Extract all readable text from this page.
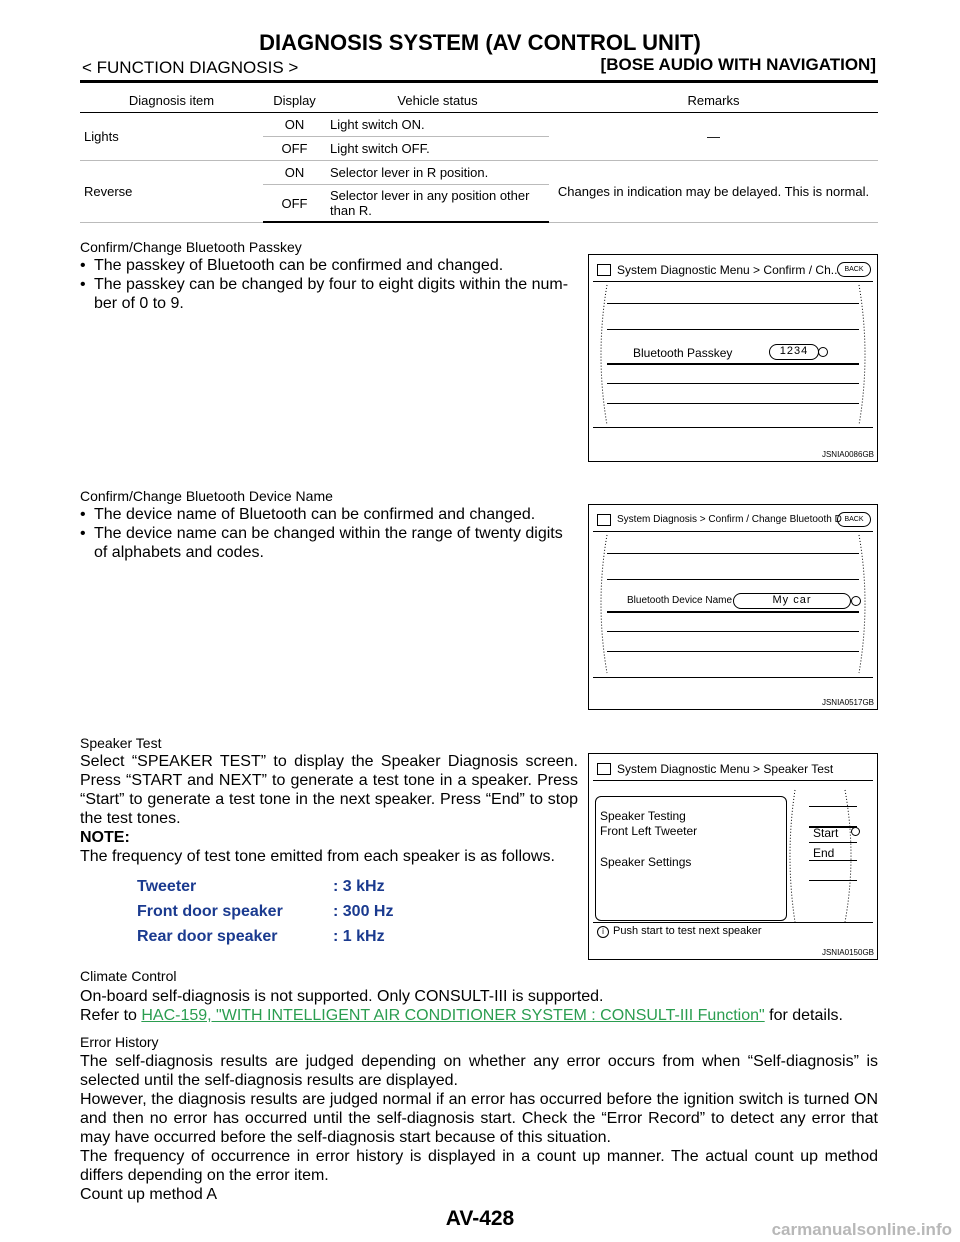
DIAGNOSIS SYSTEM (AV CONTROL UNIT)
< FUNCTION DIAGNOSIS >	[BOSE AUDIO WITH NAVIGATION]
Diagnosis item	Display	Vehicle status	Remarks
Lights	ON	Light switch ON.	—
	OFF	Light switch OFF.	
Reverse	ON	Selector lever in R position.	Changes in indication may be delayed. This is normal.
	OFF	Selector lever in any position other than R.	
Confirm/Change Bluetooth Passkey
• The passkey of Bluetooth can be confirmed and changed.
• The passkey can be changed by four to eight digits within the num-ber of 0 to 9.
System Diagnostic Menu > Confirm / Ch... BACK
Bluetooth Passkey	1234
JSNIA0086GB
Confirm/Change Bluetooth Device Name
• The device name of Bluetooth can be confirmed and changed.
• The device name can be changed within the range of twenty digits of alphabets and codes.
System Diagnosis > Confirm / Change Bluetooth D BACK
Bluetooth Device Name	My car
JSNIA0517GB
Speaker Test
Select “SPEAKER TEST” to display the Speaker Diagnosis screen. Press “START and NEXT” to generate a test tone in a speaker. Press “Start” to generate a test tone in the next speaker. Press “End” to stop the test tones.
NOTE:
The frequency of test tone emitted from each speaker is as follows.
Tweeter	: 3 kHz
Front door speaker	: 300 Hz
Rear door speaker	: 1 kHz
System Diagnostic Menu > Speaker Test
Speaker Testing
Front Left Tweeter
Speaker Settings
Start
End
i Push start to test next speaker
JSNIA0150GB
Climate Control
On-board self-diagnosis is not supported. Only CONSULT-III is supported.
Refer to HAC-159, "WITH INTELLIGENT AIR CONDITIONER SYSTEM : CONSULT-III Function" for details.
Error History
The self-diagnosis results are judged depending on whether any error occurs from when “Self-diagnosis” is selected until the self-diagnosis results are displayed.
However, the diagnosis results are judged normal if an error has occurred before the ignition switch is turned ON and then no error has occurred until the self-diagnosis start. Check the “Error Record” to detect any error that may have occurred before the self-diagnosis start because of this situation.
The frequency of occurrence in error history is displayed in a count up manner. The actual count up method differs depending on the error item.
Count up method A
AV-428	carmanualsonline.info
